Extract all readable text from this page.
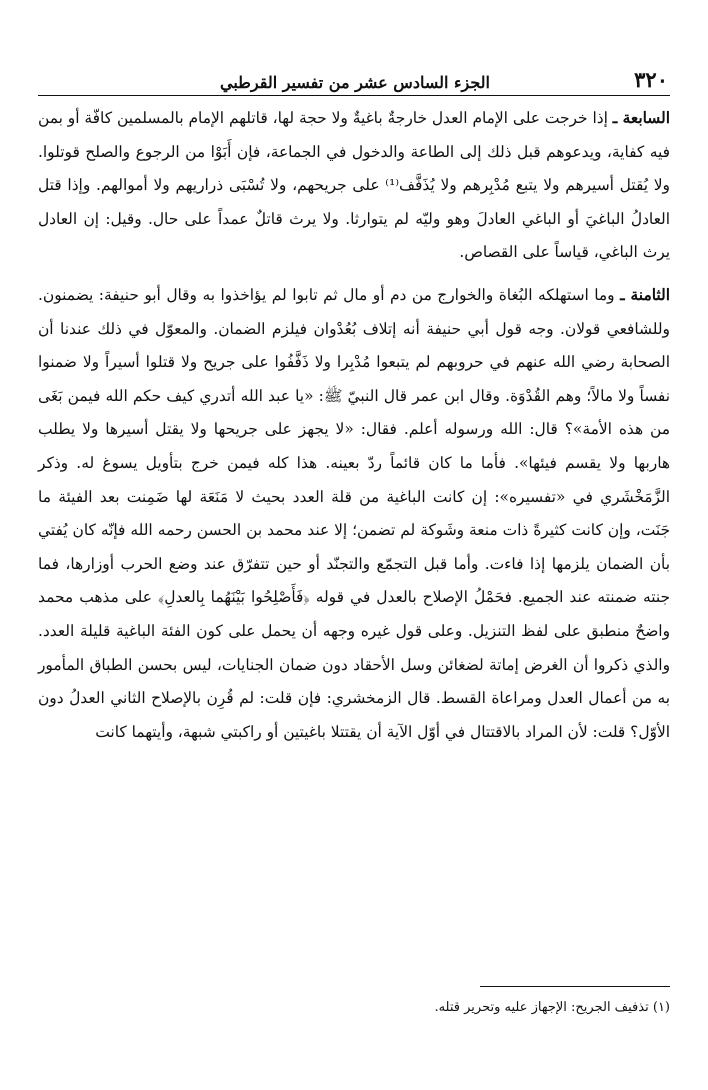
٣٢٠
الجزء السادس عشر من تفسير القرطبي

السابعة ـ إذا خرجت على الإمام العدل خارجةٌ باغيةٌ ولا حجة لها، قاتلهم الإمام بالمسلمين كافّة أو بمن فيه كفاية، ويدعوهم قبل ذلك إلى الطاعة والدخول في الجماعة، فإن أَبَوْا من الرجوع والصلح قوتلوا. ولا يُقتل أسيرهم ولا يتبع مُدْبِرهم ولا يُذَفَّف⁽¹⁾ على جريحهم، ولا تُسْبَى ذراريهم ولا أموالهم. وإذا قتل العادلُ الباغيَ أو الباغي العادلَ وهو وليّه لم يتوارثا. ولا يرث قاتلٌ عمداً على حال. وقيل: إن العادل يرث الباغي، قياساً على القصاص.

الثامنة ـ وما استهلكه البُغاة والخوارج من دم أو مال ثم تابوا لم يؤاخذوا به وقال أبو حنيفة: يضمنون. وللشافعي قولان. وجه قول أبي حنيفة أنه إتلاف بُعُدْوان فيلزم الضمان. والمعوّل في ذلك عندنا أن الصحابة رضي الله عنهم في حروبهم لم يتبعوا مُدْبِرا ولا ذَفَّفُوا على جريح ولا قتلوا أسيراً ولا ضمنوا نفساً ولا مالاً؛ وهم القُدْوَة. وقال ابن عمر قال النبيّ ﷺ: «يا عبد الله أتدري كيف حكم الله فيمن بَغَى من هذه الأمة»؟ قال: الله ورسوله أعلم. فقال: «لا يجهز على جريحها ولا يقتل أسيرها ولا يطلب هاربها ولا يقسم فيئها». فأما ما كان قائماً ردّ بعينه. هذا كله فيمن خرج بتأويل يسوغ له. وذكر الزَّمَخْشَري في «تفسيره»: إن كانت الباغية من قلة العدد بحيث لا مَنَعَة لها ضَمِنت بعد الفيئة ما جَنَت، وإن كانت كثيرةً ذات منعة وشَوكة لم تضمن؛ إلا عند محمد بن الحسن رحمه الله فإنّه كان يُفتي بأن الضمان يلزمها إذا فاءت. وأما قبل التجمّع والتجنّد أو حين تتفرّق عند وضع الحرب أوزارها، فما جنته ضمنته عند الجميع. فحَمْلُ الإصلاح بالعدل في قوله ﴿فَأَصْلِحُوا بَيْنَهُما بِالعدلِ﴾ على مذهب محمد واضحٌ منطبق على لفظ التنزيل. وعلى قول غيره وجهه أن يحمل على كون الفئة الباغية قليلة العدد. والذي ذكروا أن الغرض إماتة لضغائن وسل الأحقاد دون ضمان الجنايات، ليس بحسن الطباق المأمور به من أعمال العدل ومراعاة القسط. قال الزمخشري: فإن قلت: لم قُرِن بالإصلاح الثاني العدلُ دون الأوّل؟ قلت: لأن المراد بالاقتتال في أوّل الآية أن يقتتلا باغيتين أو راكبتي شبهة، وأيتهما كانت

(١) تذفيف الجريح: الإجهاز عليه وتحرير قتله.
